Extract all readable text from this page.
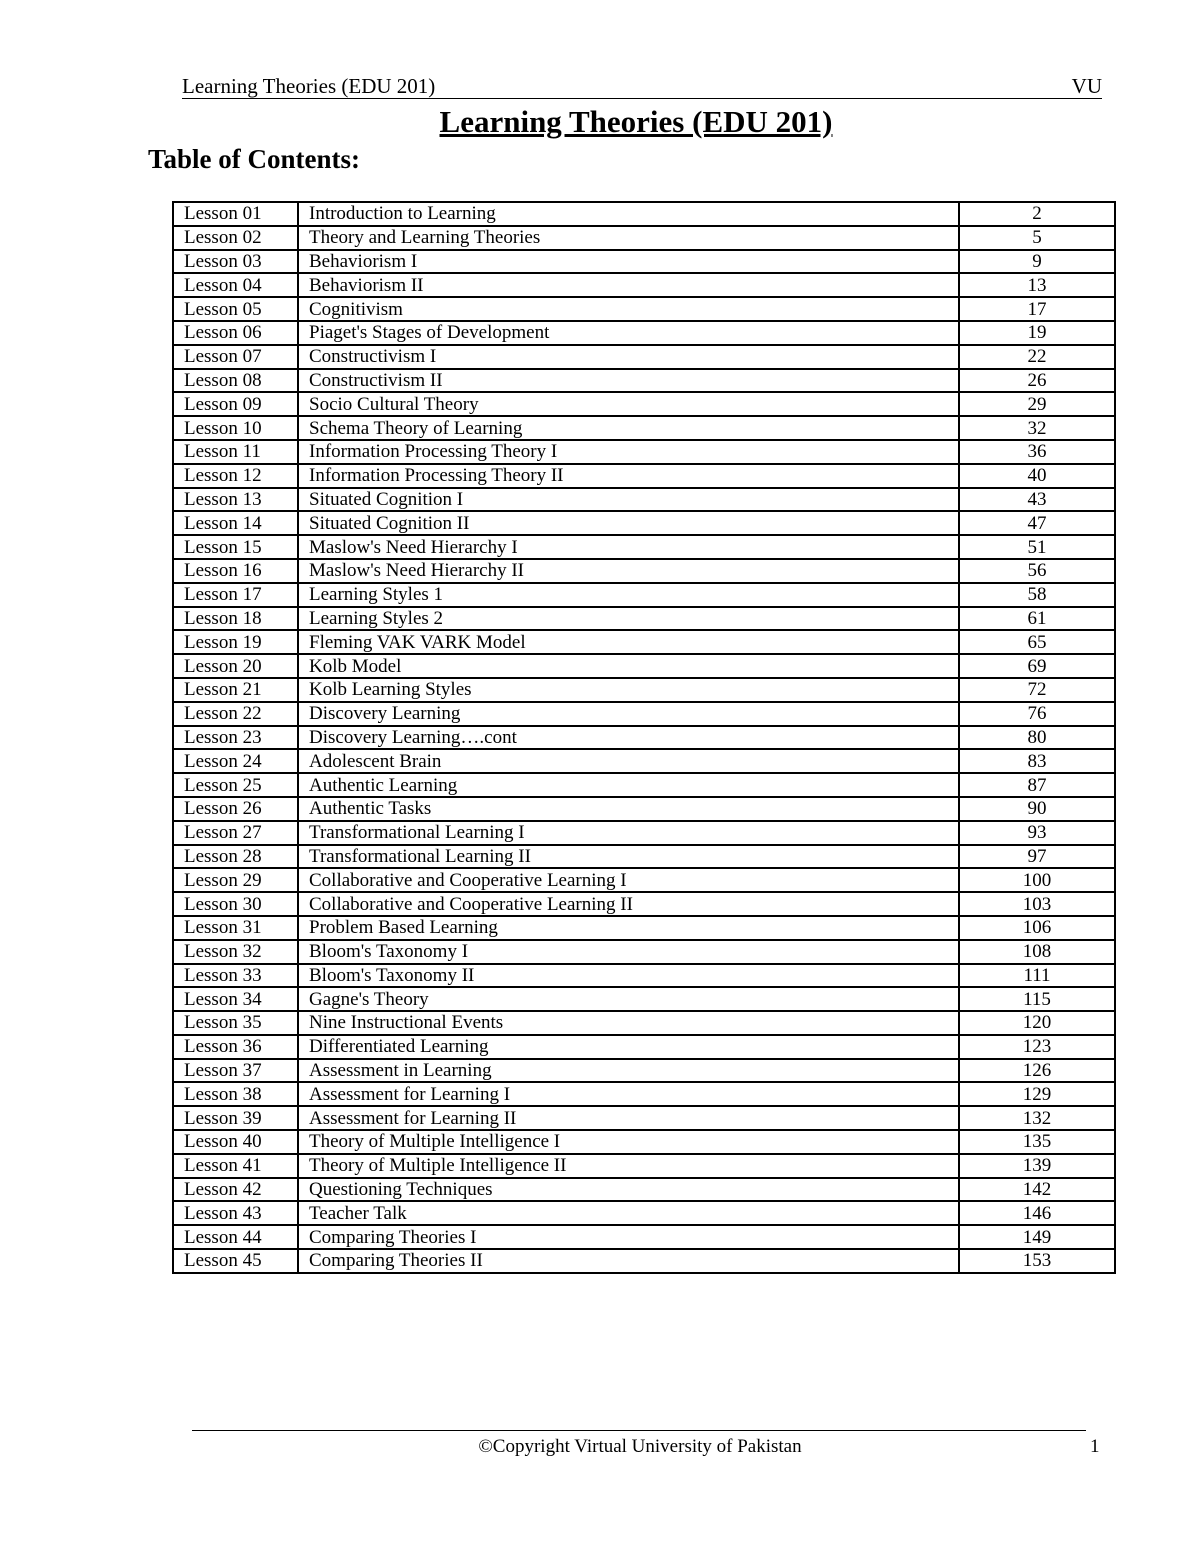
Learning Theories (EDU 201)	VU
Learning Theories (EDU 201)
Table of Contents:
Lesson 01	Introduction to Learning	2
Lesson 02	Theory and Learning Theories	5
Lesson 03	Behaviorism I	9
Lesson 04	Behaviorism II	13
Lesson 05	Cognitivism	17
Lesson 06	Piaget's Stages of Development	19
Lesson 07	Constructivism I	22
Lesson 08	Constructivism II	26
Lesson 09	Socio Cultural Theory	29
Lesson 10	Schema Theory of Learning	32
Lesson 11	Information Processing Theory I	36
Lesson 12	Information Processing Theory II	40
Lesson 13	Situated Cognition I	43
Lesson 14	Situated Cognition II	47
Lesson 15	Maslow's Need Hierarchy I	51
Lesson 16	Maslow's Need Hierarchy II	56
Lesson 17	Learning Styles 1	58
Lesson 18	Learning Styles 2	61
Lesson 19	Fleming VAK VARK Model	65
Lesson 20	Kolb Model	69
Lesson 21	Kolb Learning Styles	72
Lesson 22	Discovery Learning	76
Lesson 23	Discovery Learning….cont	80
Lesson 24	Adolescent Brain	83
Lesson 25	Authentic Learning	87
Lesson 26	Authentic Tasks	90
Lesson 27	Transformational Learning I	93
Lesson 28	Transformational Learning II	97
Lesson 29	Collaborative and Cooperative Learning I	100
Lesson 30	Collaborative and Cooperative Learning II	103
Lesson 31	Problem Based Learning	106
Lesson 32	Bloom's Taxonomy I	108
Lesson 33	Bloom's Taxonomy II	111
Lesson 34	Gagne's Theory	115
Lesson 35	Nine Instructional Events	120
Lesson 36	Differentiated Learning	123
Lesson 37	Assessment in Learning	126
Lesson 38	Assessment for Learning I	129
Lesson 39	Assessment for Learning II	132
Lesson 40	Theory of Multiple Intelligence I	135
Lesson 41	Theory of Multiple Intelligence II	139
Lesson 42	Questioning Techniques	142
Lesson 43	Teacher Talk	146
Lesson 44	Comparing Theories I	149
Lesson 45	Comparing Theories II	153
©Copyright Virtual University of Pakistan	1
